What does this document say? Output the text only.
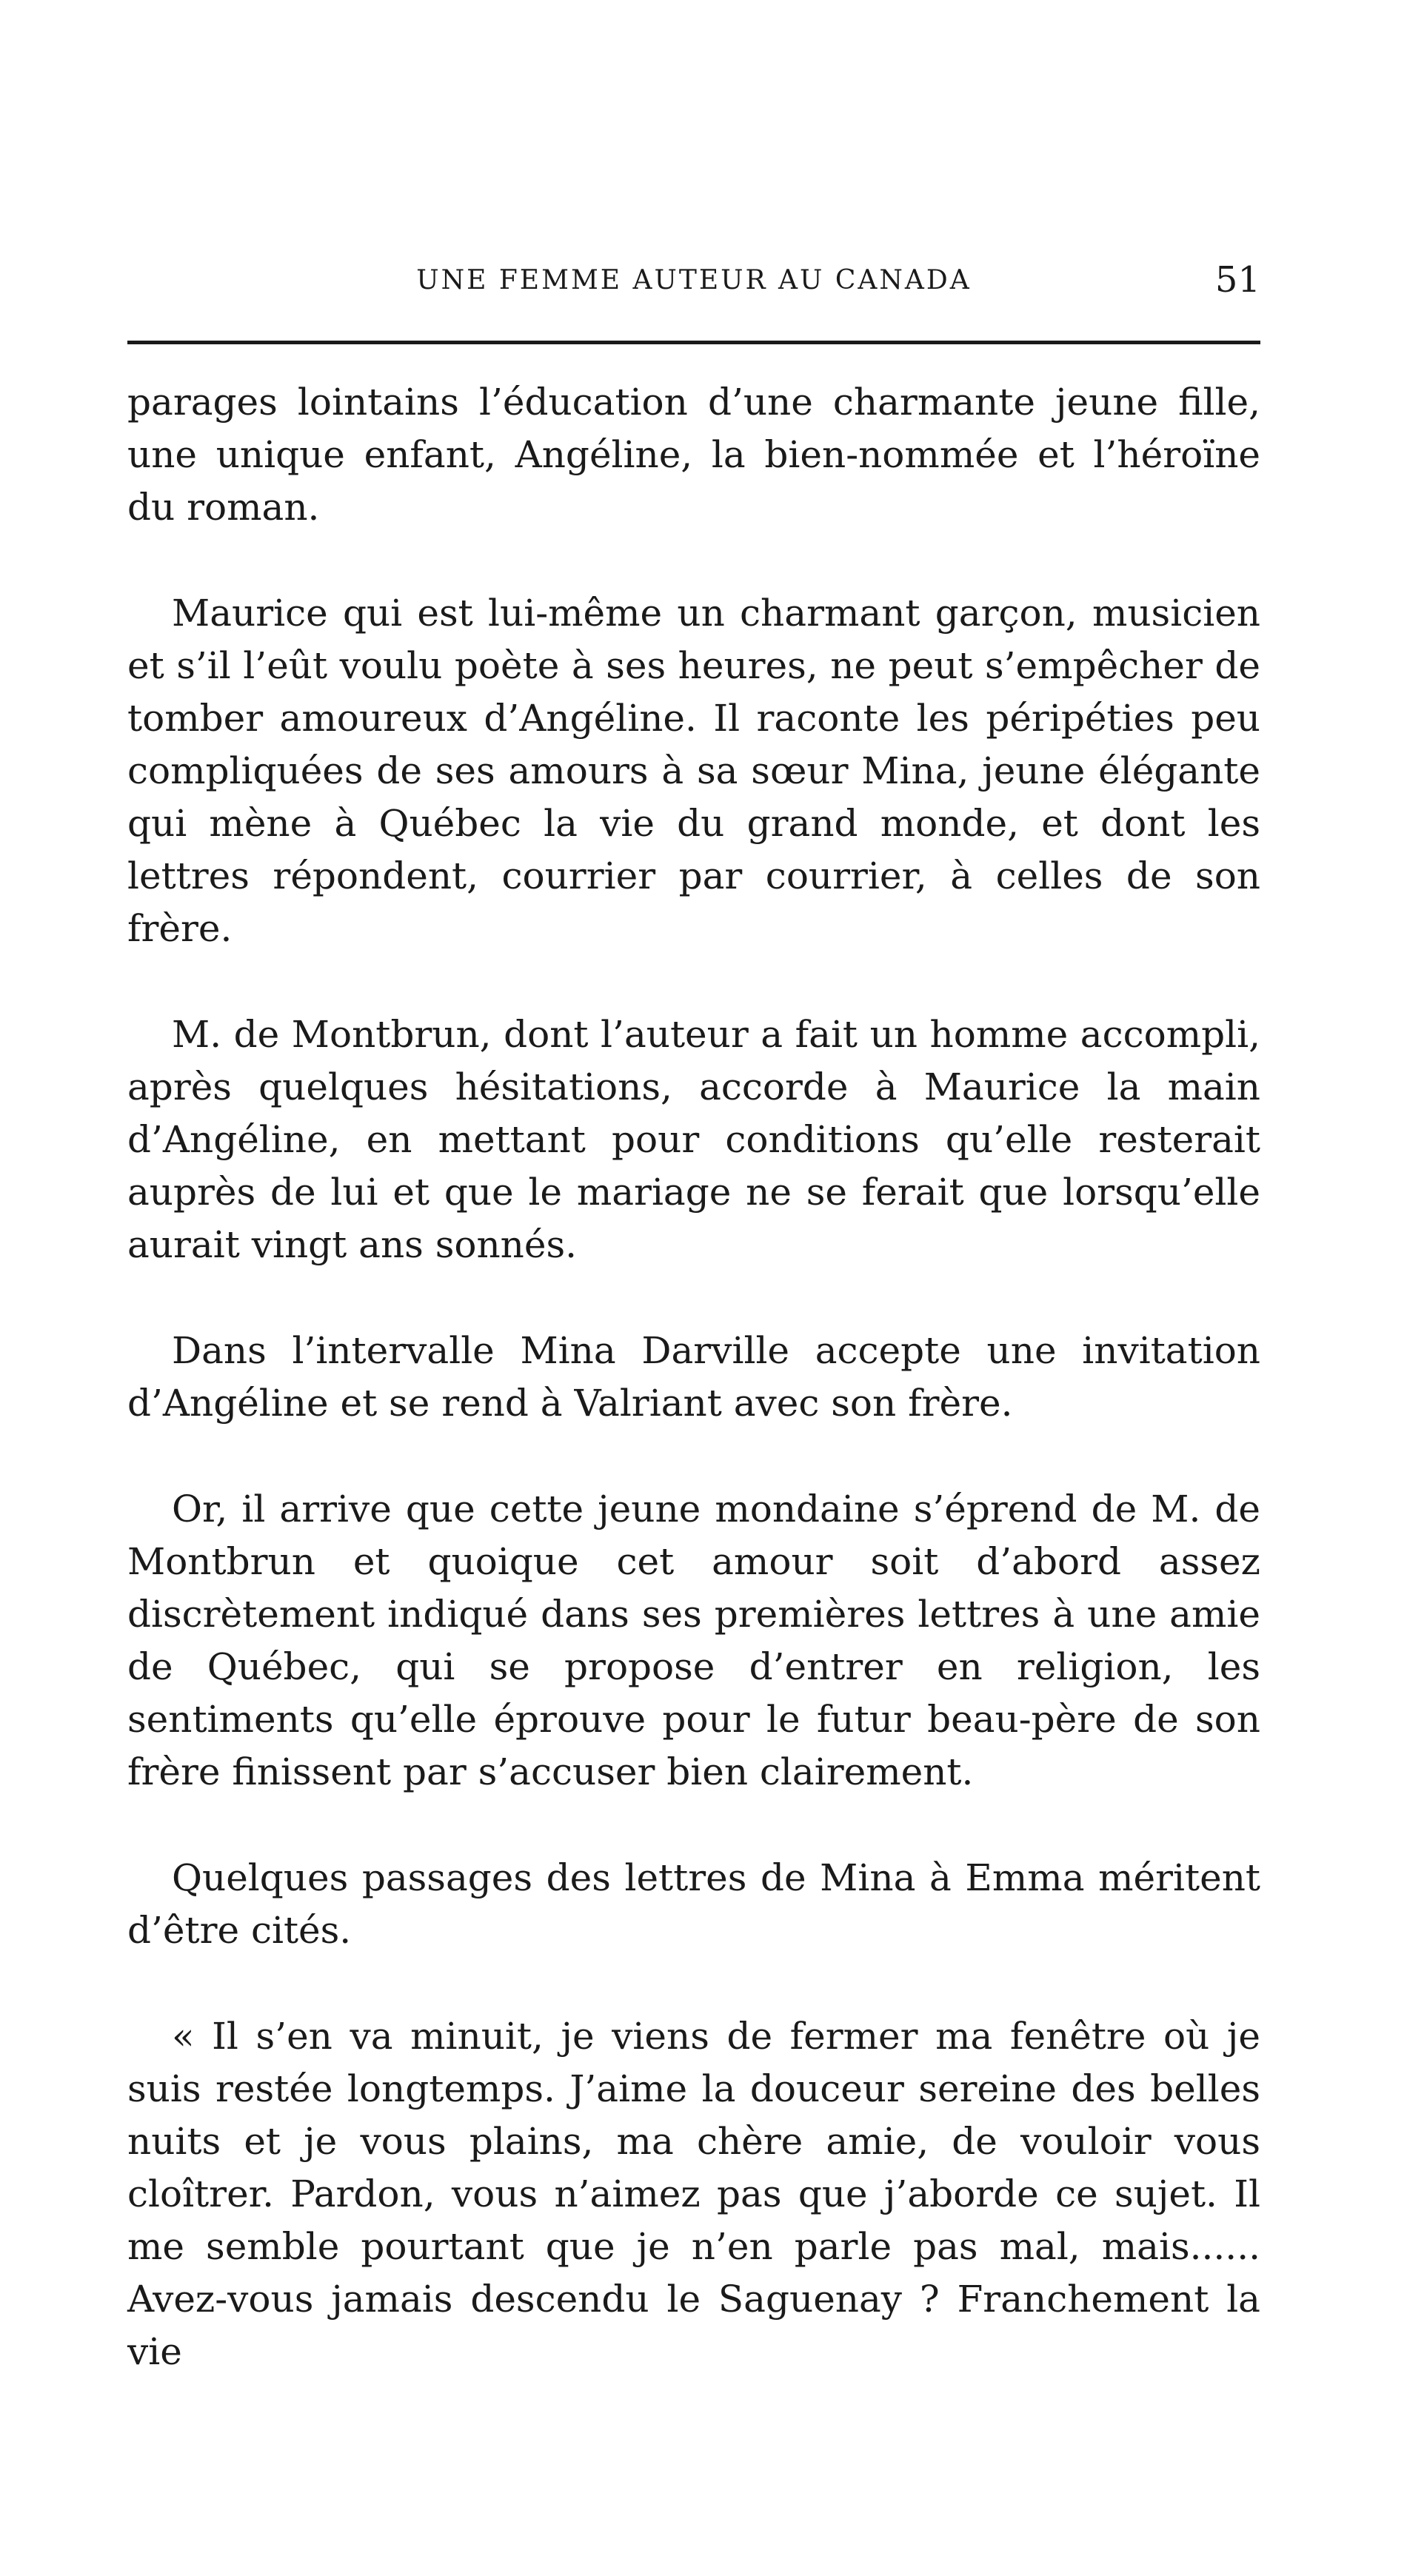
UNE FEMME AUTEUR AU CANADA	51

parages lointains l’éducation d’une charmante jeune fille, une unique enfant, Angéline, la bien-nommée et l’héroïne du roman.

Maurice qui est lui-même un charmant garçon, musicien et s’il l’eût voulu poète à ses heures, ne peut s’empêcher de tomber amoureux d’Angéline. Il raconte les péripéties peu compliquées de ses amours à sa sœur Mina, jeune élégante qui mène à Québec la vie du grand monde, et dont les lettres répondent, courrier par courrier, à celles de son frère.

M. de Montbrun, dont l’auteur a fait un homme accompli, après quelques hésitations, accorde à Maurice la main d’Angéline, en mettant pour conditions qu’elle resterait auprès de lui et que le mariage ne se ferait que lorsqu’elle aurait vingt ans sonnés.

Dans l’intervalle Mina Darville accepte une invitation d’Angéline et se rend à Valriant avec son frère.

Or, il arrive que cette jeune mondaine s’éprend de M. de Montbrun et quoique cet amour soit d’abord assez discrètement indiqué dans ses premières lettres à une amie de Québec, qui se propose d’entrer en religion, les sentiments qu’elle éprouve pour le futur beau-père de son frère finissent par s’accuser bien clairement.

Quelques passages des lettres de Mina à Emma méritent d’être cités.

« Il s’en va minuit, je viens de fermer ma fenêtre où je suis restée longtemps. J’aime la douceur sereine des belles nuits et je vous plains, ma chère amie, de vouloir vous cloîtrer. Pardon, vous n’aimez pas que j’aborde ce sujet. Il me semble pourtant que je n’en parle pas mal, mais...... Avez-vous jamais descendu le Saguenay ? Franchement la vie
